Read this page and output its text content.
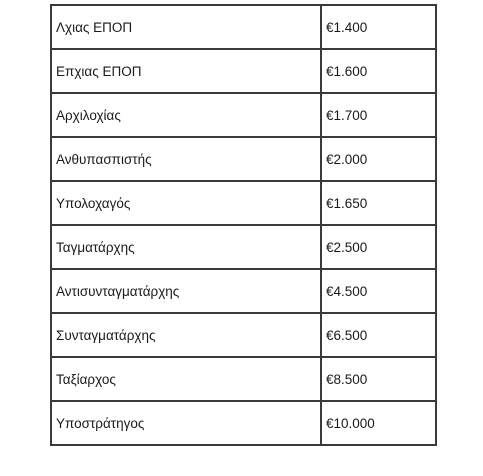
Λχιας ΕΠΟΠ	€1.400
Επχιας ΕΠΟΠ	€1.600
Αρχιλοχίας	€1.700
Ανθυπασπιστής	€2.000
Υπολοχαγός	€1.650
Ταγματάρχης	€2.500
Αντισυνταγματάρχης	€4.500
Συνταγματάρχης	€6.500
Ταξίαρχος	€8.500
Υποστράτηγος	€10.000
